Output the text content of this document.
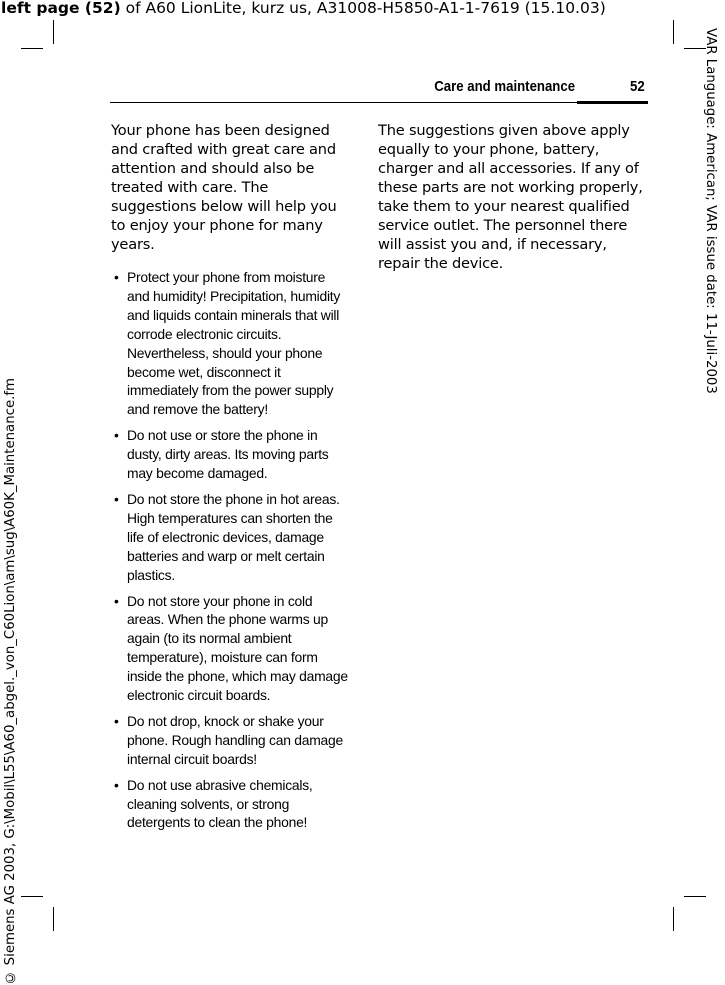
left page (52) of A60 LionLite, kurz us, A31008-H5850-A1-1-7619 (15.10.03)
VAR Language: American; VAR issue date: 11-Juli-2003
© Siemens AG 2003, G:\Mobil\L55\A60_abgel._von_C60Lion\am\sug\A60K_Maintenance.fm
Care and maintenance	52

Your phone has been designed and crafted with great care and attention and should also be treated with care. The suggestions below will help you to enjoy your phone for many years.

• Protect your phone from moisture and humidity! Precipitation, humidity and liquids contain minerals that will corrode electronic circuits. Nevertheless, should your phone become wet, disconnect it immediately from the power supply and remove the battery!
• Do not use or store the phone in dusty, dirty areas. Its moving parts may become damaged.
• Do not store the phone in hot areas. High temperatures can shorten the life of electronic devices, damage batteries and warp or melt certain plastics.
• Do not store your phone in cold areas. When the phone warms up again (to its normal ambient temperature), moisture can form inside the phone, which may damage electronic circuit boards.
• Do not drop, knock or shake your phone. Rough handling can damage internal circuit boards!
• Do not use abrasive chemicals, cleaning solvents, or strong detergents to clean the phone!

The suggestions given above apply equally to your phone, battery, charger and all accessories. If any of these parts are not working properly, take them to your nearest qualified service outlet. The personnel there will assist you and, if necessary, repair the device.
